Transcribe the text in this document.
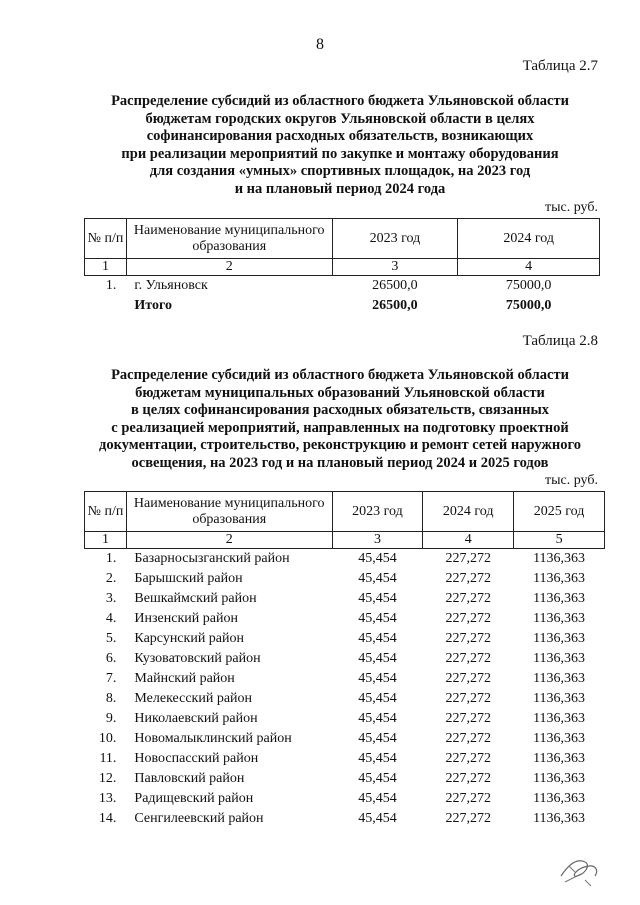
8
Таблица 2.7
Распределение субсидий из областного бюджета Ульяновской области
бюджетам городских округов Ульяновской области в целях
софинансирования расходных обязательств, возникающих
при реализации мероприятий по закупке и монтажу оборудования
для создания «умных» спортивных площадок, на 2023 год
и на плановый период 2024 года
тыс. руб.
№ п/п	Наименование муниципального образования	2023 год	2024 год
1	2	3	4
1.	г. Ульяновск	26500,0	75000,0
	Итого	26500,0	75000,0
Таблица 2.8
Распределение субсидий из областного бюджета Ульяновской области
бюджетам муниципальных образований Ульяновской области
в целях софинансирования расходных обязательств, связанных
с реализацией мероприятий, направленных на подготовку проектной
документации, строительство, реконструкцию и ремонт сетей наружного
освещения, на 2023 год и на плановый период 2024 и 2025 годов
тыс. руб.
№ п/п	Наименование муниципального образования	2023 год	2024 год	2025 год
1	2	3	4	5
1.	Базарносызганский район	45,454	227,272	1136,363
2.	Барышский район	45,454	227,272	1136,363
3.	Вешкаймский район	45,454	227,272	1136,363
4.	Инзенский район	45,454	227,272	1136,363
5.	Карсунский район	45,454	227,272	1136,363
6.	Кузоватовский район	45,454	227,272	1136,363
7.	Майнский район	45,454	227,272	1136,363
8.	Мелекесский район	45,454	227,272	1136,363
9.	Николаевский район	45,454	227,272	1136,363
10.	Новомалыклинский район	45,454	227,272	1136,363
11.	Новоспасский район	45,454	227,272	1136,363
12.	Павловский район	45,454	227,272	1136,363
13.	Радищевский район	45,454	227,272	1136,363
14.	Сенгилеевский район	45,454	227,272	1136,363
